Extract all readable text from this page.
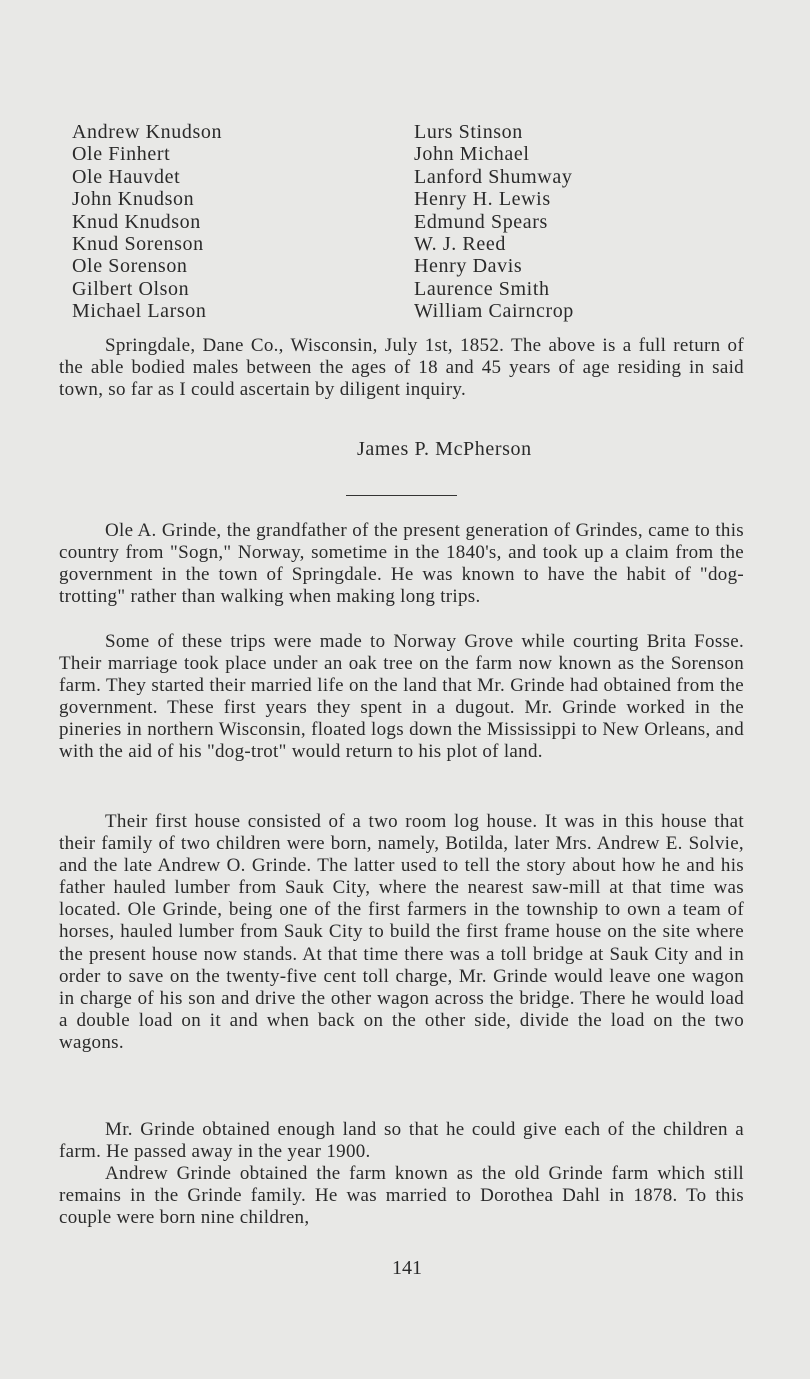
Andrew Knudson
Ole Finhert
Ole Hauvdet
John Knudson
Knud Knudson
Knud Sorenson
Ole Sorenson
Gilbert Olson
Michael Larson
Lurs Stinson
John Michael
Lanford Shumway
Henry H. Lewis
Edmund Spears
W. J. Reed
Henry Davis
Laurence Smith
William Cairncrop

Springdale, Dane Co., Wisconsin, July 1st, 1852. The above is a full return of the able bodied males between the ages of 18 and 45 years of age residing in said town, so far as I could ascertain by diligent inquiry.

James P. McPherson

Ole A. Grinde, the grandfather of the present generation of Grindes, came to this country from "Sogn," Norway, sometime in the 1840's, and took up a claim from the government in the town of Springdale. He was known to have the habit of "dog-trotting" rather than walking when making long trips.

Some of these trips were made to Norway Grove while courting Brita Fosse. Their marriage took place under an oak tree on the farm now known as the Sorenson farm. They started their married life on the land that Mr. Grinde had obtained from the government. These first years they spent in a dugout. Mr. Grinde worked in the pineries in northern Wisconsin, floated logs down the Mississippi to New Orleans, and with the aid of his "dog-trot" would return to his plot of land.

Their first house consisted of a two room log house. It was in this house that their family of two children were born, namely, Botilda, later Mrs. Andrew E. Solvie, and the late Andrew O. Grinde. The latter used to tell the story about how he and his father hauled lumber from Sauk City, where the nearest saw-mill at that time was located. Ole Grinde, being one of the first farmers in the township to own a team of horses, hauled lumber from Sauk City to build the first frame house on the site where the present house now stands. At that time there was a toll bridge at Sauk City and in order to save on the twenty-five cent toll charge, Mr. Grinde would leave one wagon in charge of his son and drive the other wagon across the bridge. There he would load a double load on it and when back on the other side, divide the load on the two wagons.

Mr. Grinde obtained enough land so that he could give each of the children a farm. He passed away in the year 1900.

Andrew Grinde obtained the farm known as the old Grinde farm which still remains in the Grinde family. He was married to Dorothea Dahl in 1878. To this couple were born nine children,

141
